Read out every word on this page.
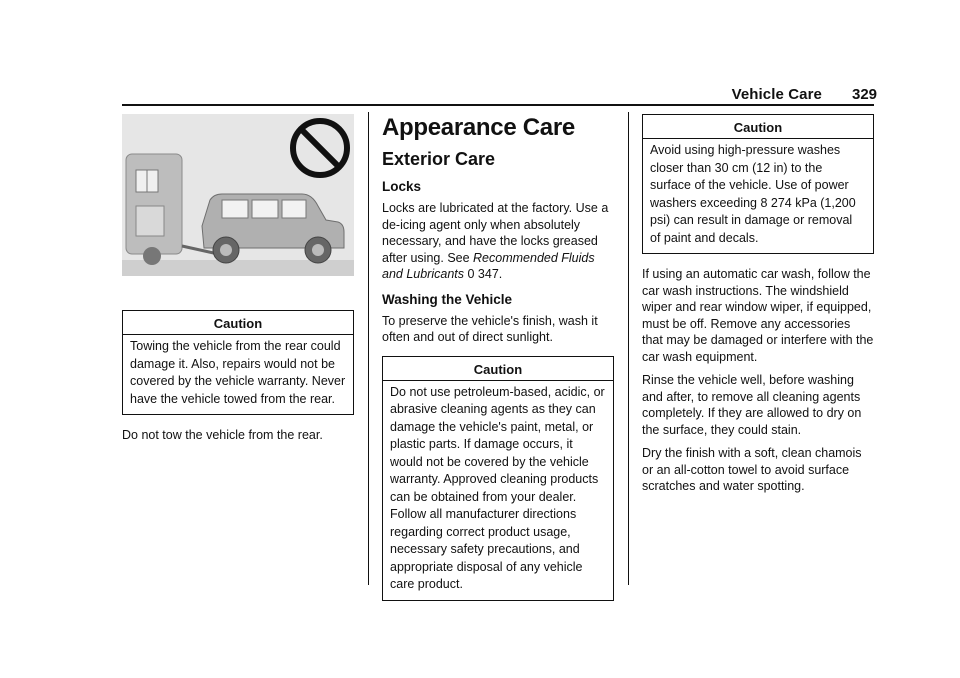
Vehicle Care 329
Caution
Towing the vehicle from the rear could damage it. Also, repairs would not be covered by the vehicle warranty. Never have the vehicle towed from the rear.

Do not tow the vehicle from the rear.

Appearance Care
Exterior Care
Locks

Locks are lubricated at the factory. Use a de-icing agent only when absolutely necessary, and have the locks greased after using. See Recommended Fluids and Lubricants 0 347.

Washing the Vehicle

To preserve the vehicle's finish, wash it often and out of direct sunlight.

Caution
Do not use petroleum-based, acidic, or abrasive cleaning agents as they can damage the vehicle's paint, metal, or plastic parts. If damage occurs, it would not be covered by the vehicle warranty. Approved cleaning products can be obtained from your dealer. Follow all manufacturer directions regarding correct product usage, necessary safety precautions, and appropriate disposal of any vehicle care product.
Caution
Avoid using high-pressure washes closer than 30 cm (12 in) to the surface of the vehicle. Use of power washers exceeding 8 274 kPa (1,200 psi) can result in damage or removal of paint and decals.

If using an automatic car wash, follow the car wash instructions. The windshield wiper and rear window wiper, if equipped, must be off. Remove any accessories that may be damaged or interfere with the car wash equipment.

Rinse the vehicle well, before washing and after, to remove all cleaning agents completely. If they are allowed to dry on the surface, they could stain.

Dry the finish with a soft, clean chamois or an all-cotton towel to avoid surface scratches and water spotting.
